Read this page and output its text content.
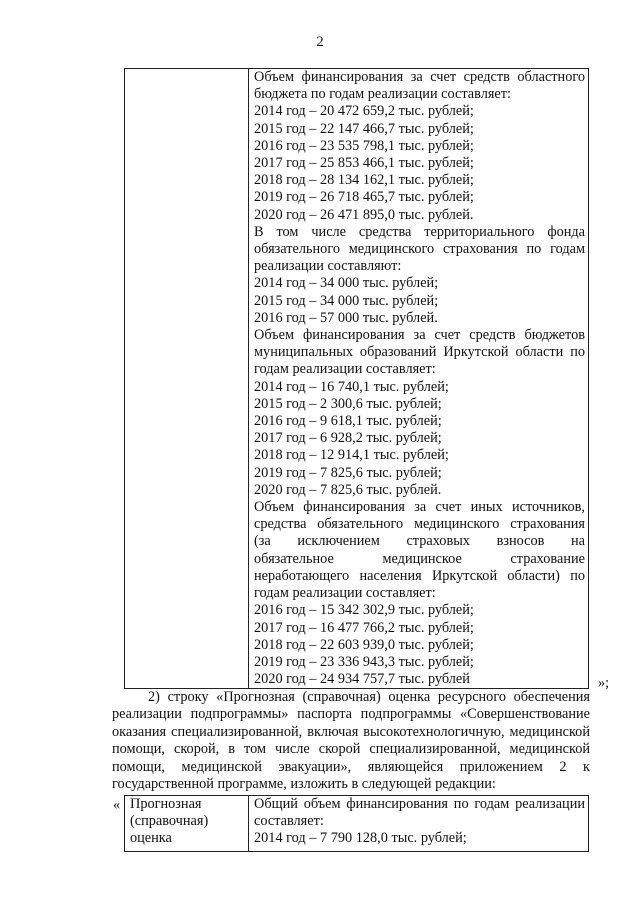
2

Объем финансирования за счет средств областного
бюджета по годам реализации составляет:
2014 год – 20 472 659,2 тыс. рублей;
2015 год – 22 147 466,7 тыс. рублей;
2016 год – 23 535 798,1 тыс. рублей;
2017 год – 25 853 466,1 тыс. рублей;
2018 год – 28 134 162,1 тыс. рублей;
2019 год – 26 718 465,7 тыс. рублей;
2020 год – 26 471 895,0 тыс. рублей.
В том числе средства территориального фонда
обязательного медицинского страхования по годам
реализации составляют:
2014 год – 34 000 тыс. рублей;
2015 год – 34 000 тыс. рублей;
2016 год – 57 000 тыс. рублей.
Объем финансирования за счет средств бюджетов
муниципальных образований Иркутской области по
годам реализации составляет:
2014 год – 16 740,1 тыс. рублей;
2015 год – 2 300,6 тыс. рублей;
2016 год – 9 618,1 тыс. рублей;
2017 год – 6 928,2 тыс. рублей;
2018 год – 12 914,1 тыс. рублей;
2019 год – 7 825,6 тыс. рублей;
2020 год – 7 825,6 тыс. рублей.
Объем финансирования за счет иных источников,
средства обязательного медицинского страхования
(за исключением страховых взносов на
обязательное	медицинское	страхование
неработающего населения Иркутской области) по
годам реализации составляет:
2016 год – 15 342 302,9 тыс. рублей;
2017 год – 16 477 766,2 тыс. рублей;
2018 год – 22 603 939,0 тыс. рублей;
2019 год – 23 336 943,3 тыс. рублей;
2020 год – 24 934 757,7 тыс. рублей	»;
2) строку «Прогнозная (справочная) оценка ресурсного обеспечения
реализации подпрограммы» паспорта подпрограммы «Совершенствование
оказания специализированной, включая высокотехнологичную, медицинской
помощи, скорой, в том числе скорой специализированной, медицинской
помощи, медицинской эвакуации», являющейся приложением 2 к
государственной программе, изложить в следующей редакции:
« Прогнозная (справочная) оценка

Общий объем финансирования по годам реализации
составляет:
2014 год – 7 790 128,0 тыс. рублей;
